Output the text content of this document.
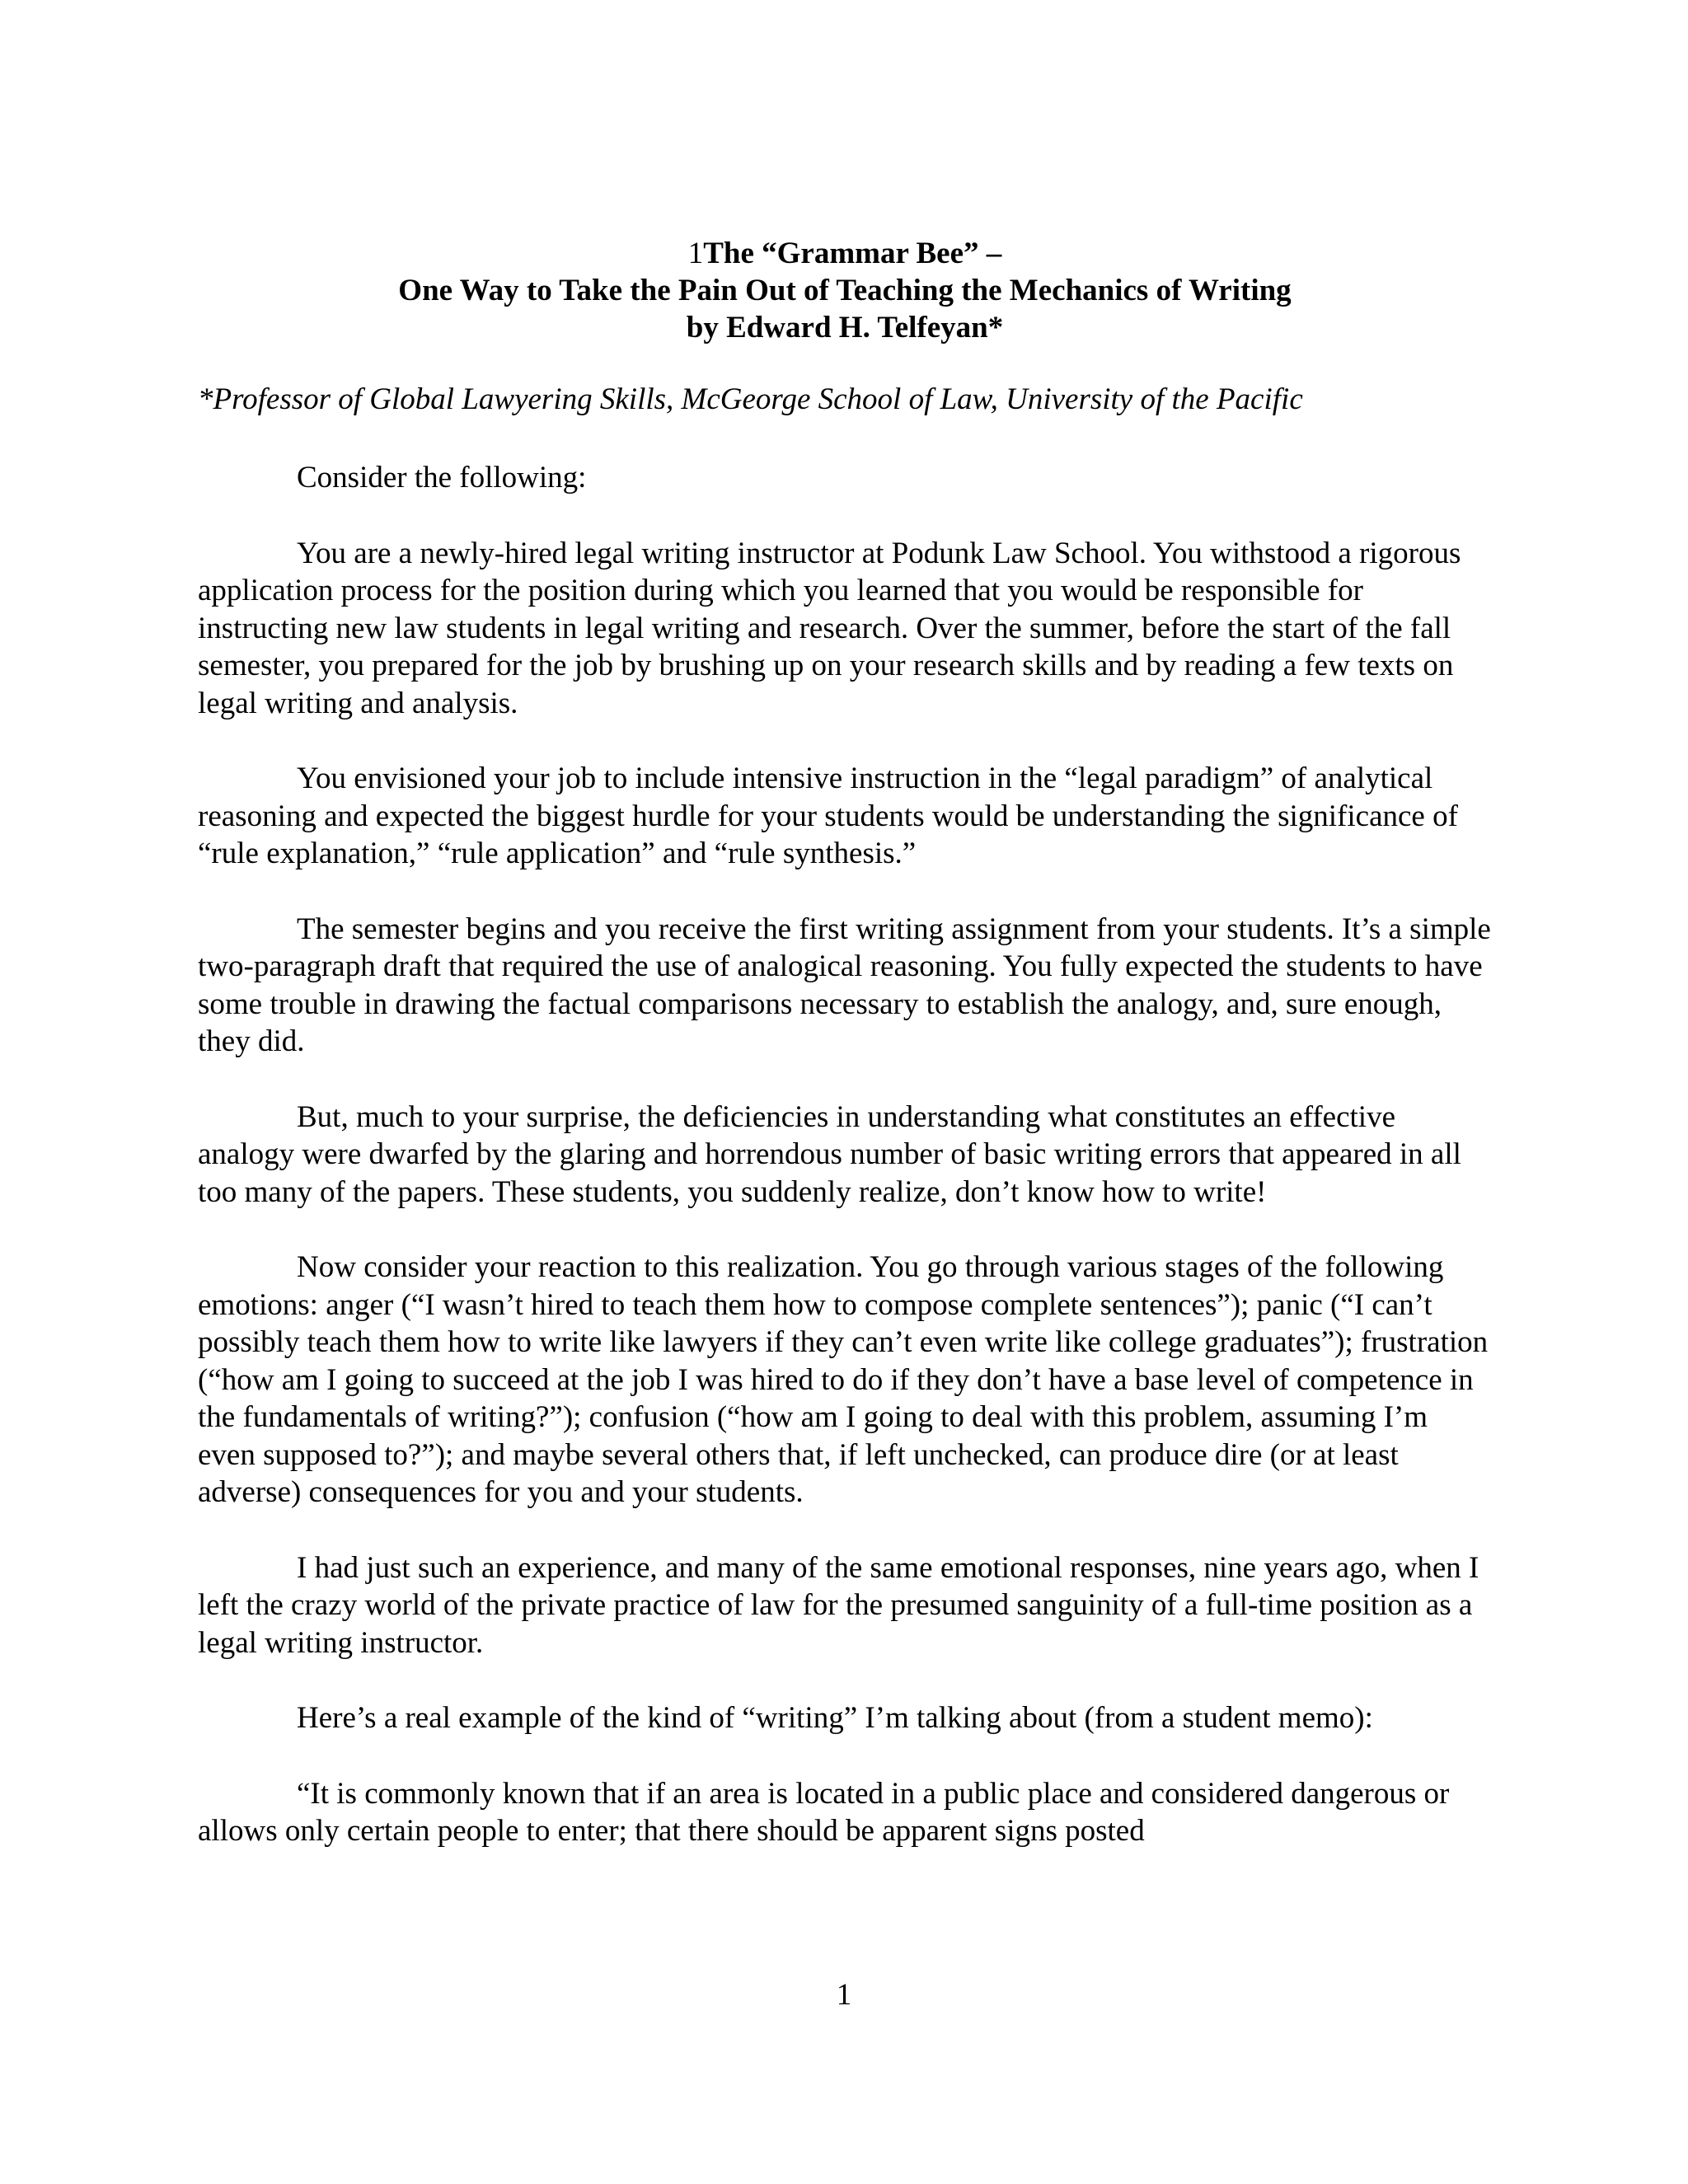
1The “Grammar Bee” –
One Way to Take the Pain Out of Teaching the Mechanics of Writing
by Edward H. Telfeyan*
*Professor of Global Lawyering Skills, McGeorge School of Law, University of the Pacific

Consider the following:

You are a newly-hired legal writing instructor at Podunk Law School. You withstood a rigorous application process for the position during which you learned that you would be responsible for instructing new law students in legal writing and research. Over the summer, before the start of the fall semester, you prepared for the job by brushing up on your research skills and by reading a few texts on legal writing and analysis.

You envisioned your job to include intensive instruction in the “legal paradigm” of analytical reasoning and expected the biggest hurdle for your students would be understanding the significance of “rule explanation,” “rule application” and “rule synthesis.”

The semester begins and you receive the first writing assignment from your students. It’s a simple two-paragraph draft that required the use of analogical reasoning. You fully expected the students to have some trouble in drawing the factual comparisons necessary to establish the analogy, and, sure enough, they did.

But, much to your surprise, the deficiencies in understanding what constitutes an effective analogy were dwarfed by the glaring and horrendous number of basic writing errors that appeared in all too many of the papers. These students, you suddenly realize, don’t know how to write!

Now consider your reaction to this realization. You go through various stages of the following emotions: anger (“I wasn’t hired to teach them how to compose complete sentences”); panic (“I can’t possibly teach them how to write like lawyers if they can’t even write like college graduates”); frustration (“how am I going to succeed at the job I was hired to do if they don’t have a base level of competence in the fundamentals of writing?”); confusion (“how am I going to deal with this problem, assuming I’m even supposed to?”); and maybe several others that, if left unchecked, can produce dire (or at least adverse) consequences for you and your students.

I had just such an experience, and many of the same emotional responses, nine years ago, when I left the crazy world of the private practice of law for the presumed sanguinity of a full-time position as a legal writing instructor.

Here’s a real example of the kind of “writing” I’m talking about (from a student memo):

“It is commonly known that if an area is located in a public place and considered dangerous or allows only certain people to enter; that there should be apparent signs posted

1
